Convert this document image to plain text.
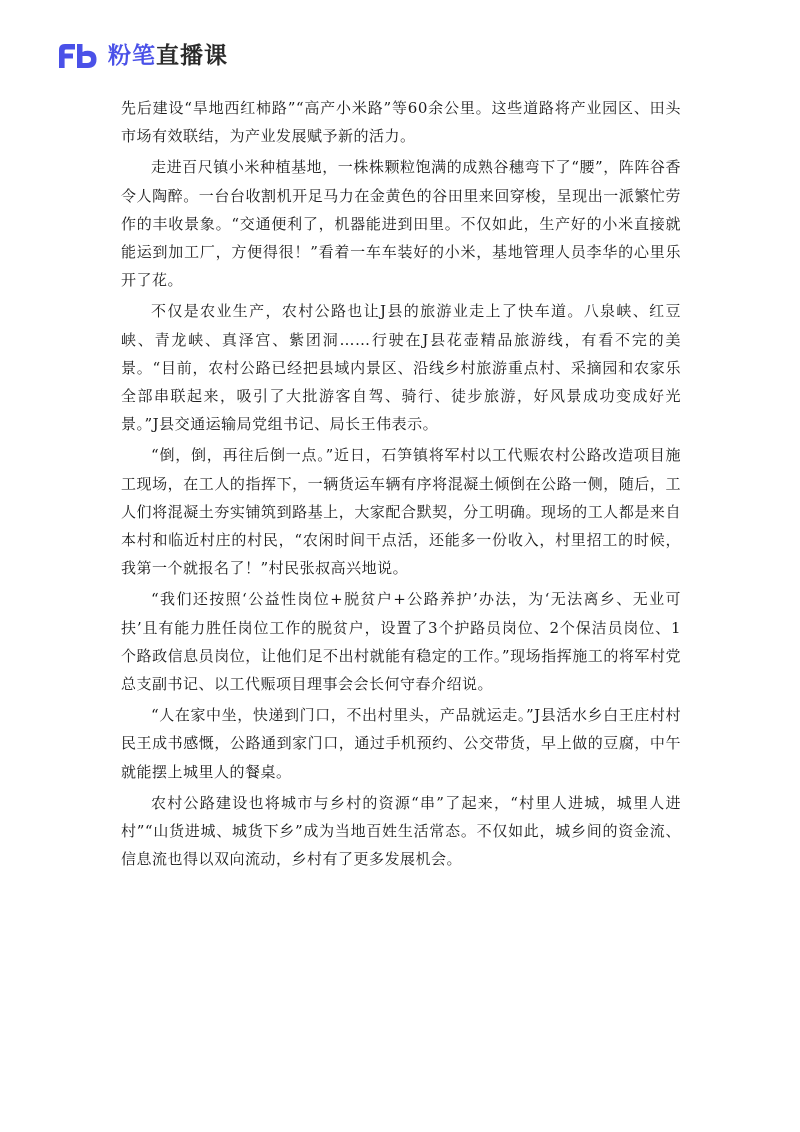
粉笔直播课

先后建设“旱地西红柿路”“高产小米路”等60余公里。这些道路将产业园区、田头市场有效联结，为产业发展赋予新的活力。

走进百尺镇小米种植基地，一株株颗粒饱满的成熟谷穗弯下了“腰”，阵阵谷香令人陶醉。一台台收割机开足马力在金黄色的谷田里来回穿梭，呈现出一派繁忙劳作的丰收景象。“交通便利了，机器能进到田里。不仅如此，生产好的小米直接就能运到加工厂，方便得很！”看着一车车装好的小米，基地管理人员李华的心里乐开了花。

不仅是农业生产，农村公路也让J县的旅游业走上了快车道。八泉峡、红豆峡、青龙峡、真泽宫、紫团洞……行驶在J县花壶精品旅游线，有看不完的美景。“目前，农村公路已经把县域内景区、沿线乡村旅游重点村、采摘园和农家乐全部串联起来，吸引了大批游客自驾、骑行、徒步旅游，好风景成功变成好光景。”J县交通运输局党组书记、局长王伟表示。

“倒，倒，再往后倒一点。”近日，石笋镇将军村以工代赈农村公路改造项目施工现场，在工人的指挥下，一辆货运车辆有序将混凝土倾倒在公路一侧，随后，工人们将混凝土夯实铺筑到路基上，大家配合默契，分工明确。现场的工人都是来自本村和临近村庄的村民，“农闲时间干点活，还能多一份收入，村里招工的时候，我第一个就报名了！”村民张叔高兴地说。

“我们还按照‘公益性岗位+脱贫户+公路养护’办法，为‘无法离乡、无业可扶’且有能力胜任岗位工作的脱贫户，设置了3个护路员岗位、2个保洁员岗位、1个路政信息员岗位，让他们足不出村就能有稳定的工作。”现场指挥施工的将军村党总支副书记、以工代赈项目理事会会长何守春介绍说。

“人在家中坐，快递到门口，不出村里头，产品就运走。”J县活水乡白王庄村村民王成书感慨，公路通到家门口，通过手机预约、公交带货，早上做的豆腐，中午就能摆上城里人的餐桌。

农村公路建设也将城市与乡村的资源“串”了起来，“村里人进城，城里人进村”“山货进城、城货下乡”成为当地百姓生活常态。不仅如此，城乡间的资金流、信息流也得以双向流动，乡村有了更多发展机会。
